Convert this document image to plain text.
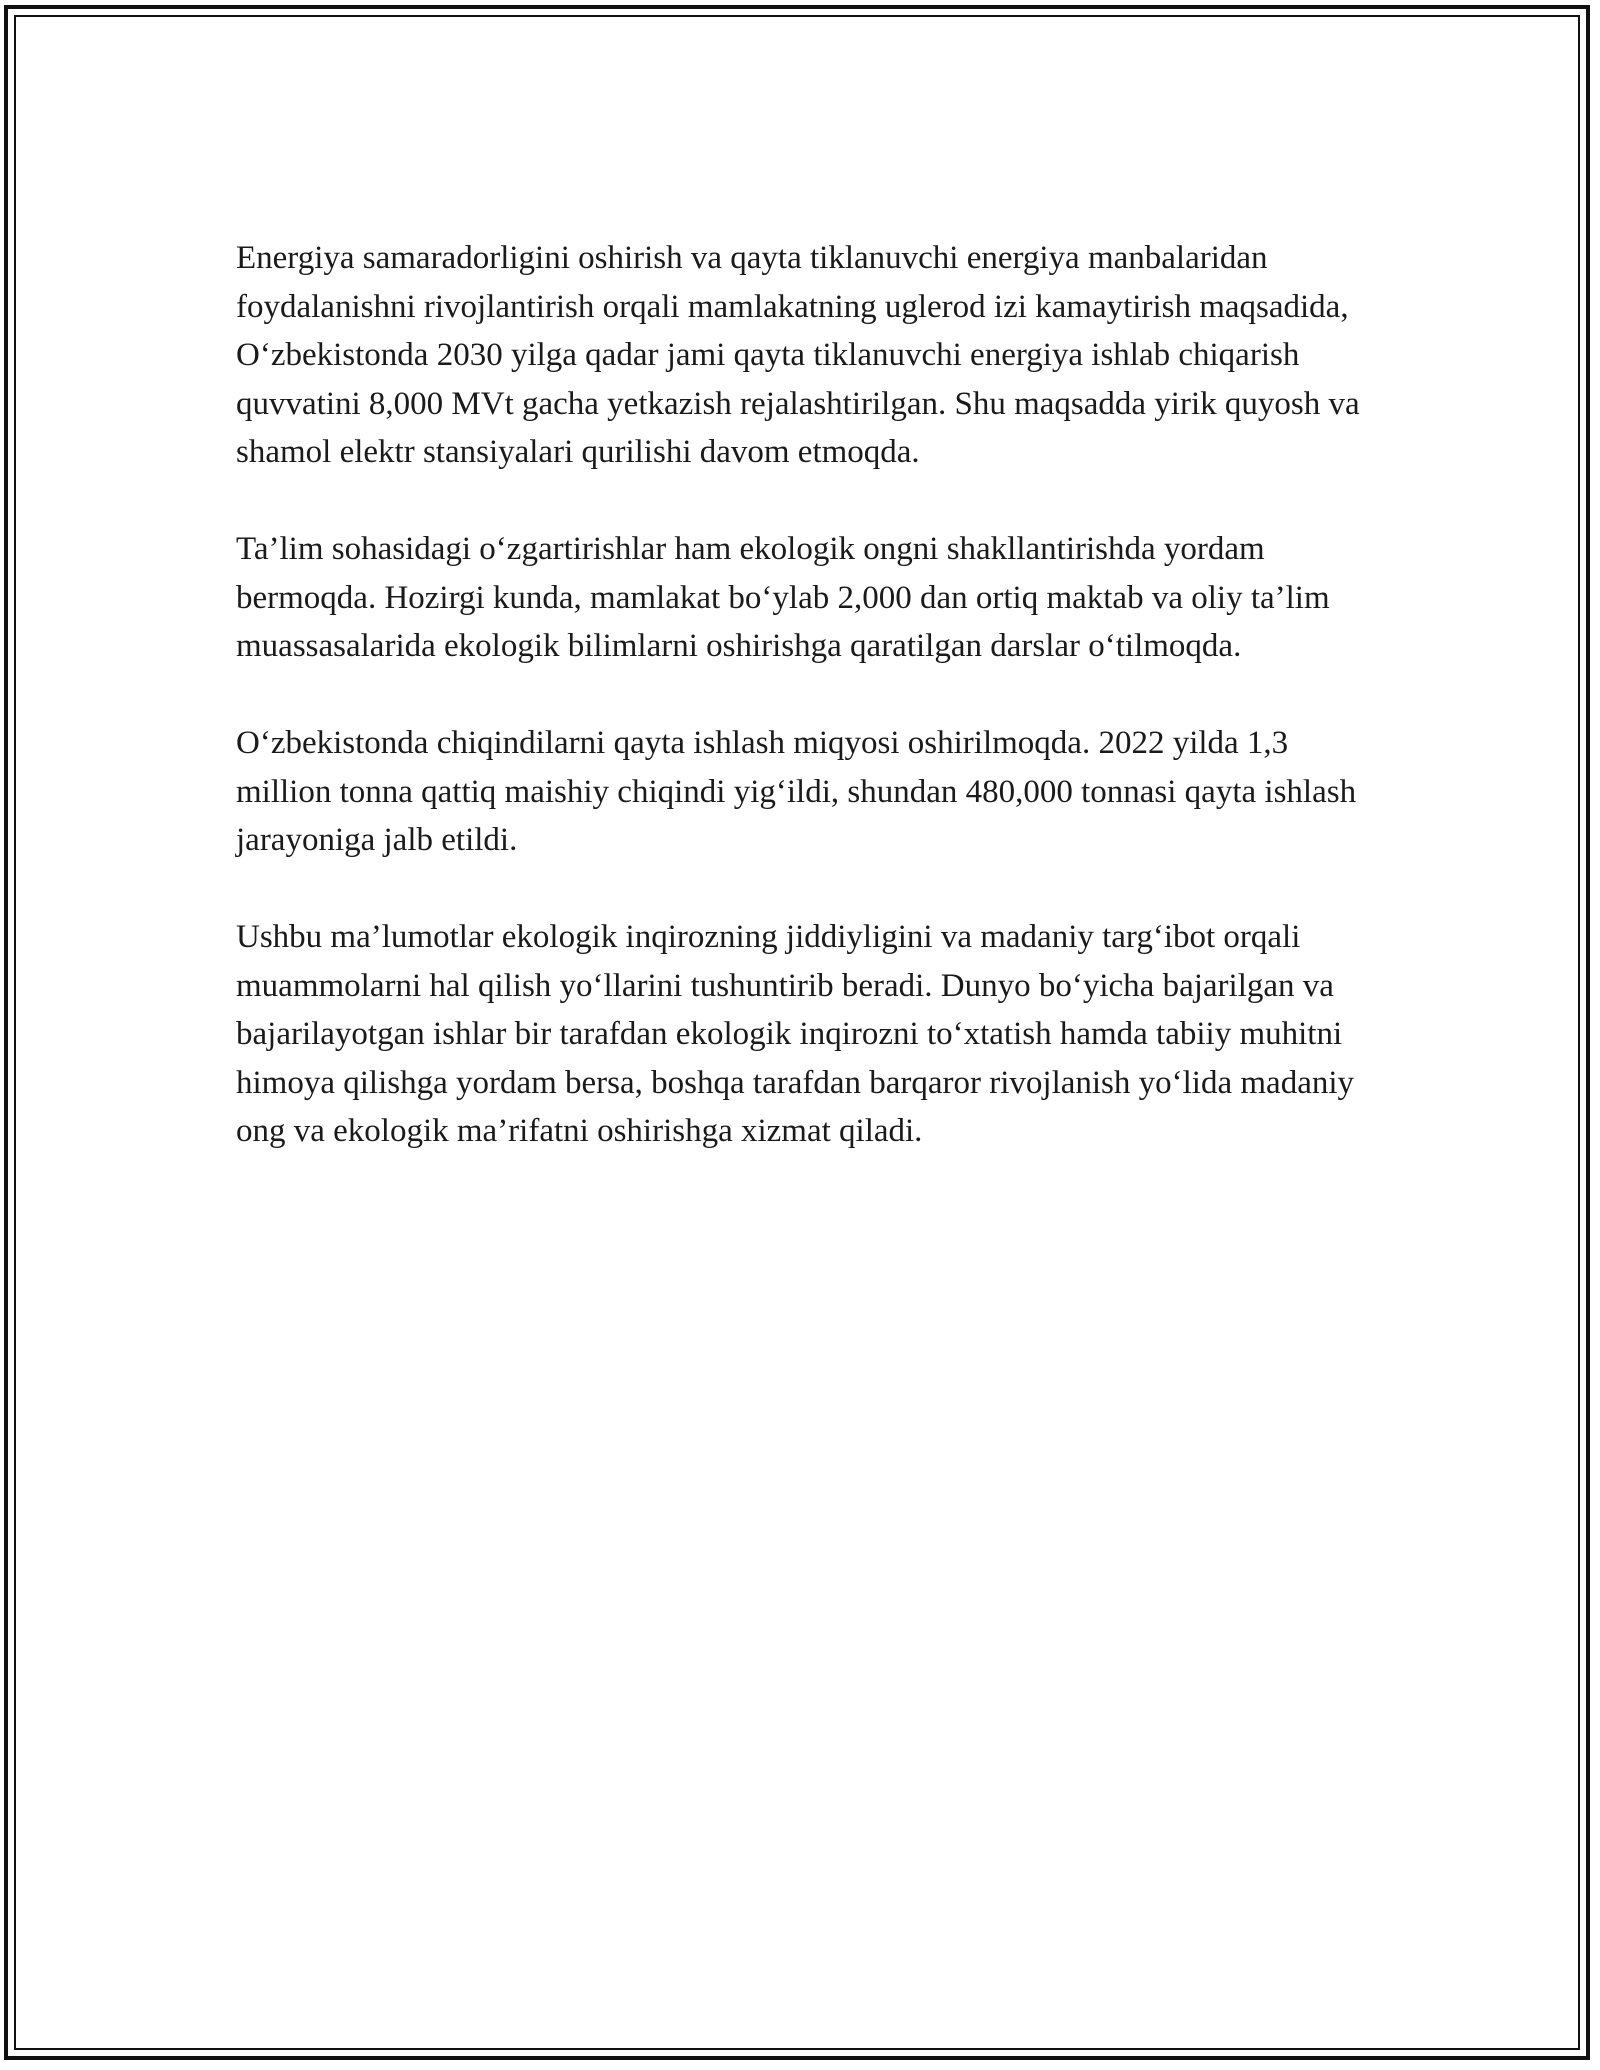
Energiya samaradorligini oshirish va qayta tiklanuvchi energiya manbalaridan foydalanishni rivojlantirish orqali mamlakatning uglerod izi kamaytirish maqsadida, O‘zbekistonda 2030 yilga qadar jami qayta tiklanuvchi energiya ishlab chiqarish quvvatini 8,000 MVt gacha yetkazish rejalashtirilgan. Shu maqsadda yirik quyosh va shamol elektr stansiyalari qurilishi davom etmoqda.

Ta’lim sohasidagi o‘zgartirishlar ham ekologik ongni shakllantirishda yordam bermoqda. Hozirgi kunda, mamlakat bo‘ylab 2,000 dan ortiq maktab va oliy ta’lim muassasalarida ekologik bilimlarni oshirishga qaratilgan darslar o‘tilmoqda.

O‘zbekistonda chiqindilarni qayta ishlash miqyosi oshirilmoqda. 2022 yilda 1,3 million tonna qattiq maishiy chiqindi yig‘ildi, shundan 480,000 tonnasi qayta ishlash jarayoniga jalb etildi.

Ushbu ma’lumotlar ekologik inqirozning jiddiyligini va madaniy targ‘ibot orqali muammolarni hal qilish yo‘llarini tushuntirib beradi. Dunyo bo‘yicha bajarilgan va bajarilayotgan ishlar bir tarafdan ekologik inqirozni to‘xtatish hamda tabiiy muhitni himoya qilishga yordam bersa, boshqa tarafdan barqaror rivojlanish yo‘lida madaniy ong va ekologik ma’rifatni oshirishga xizmat qiladi.
